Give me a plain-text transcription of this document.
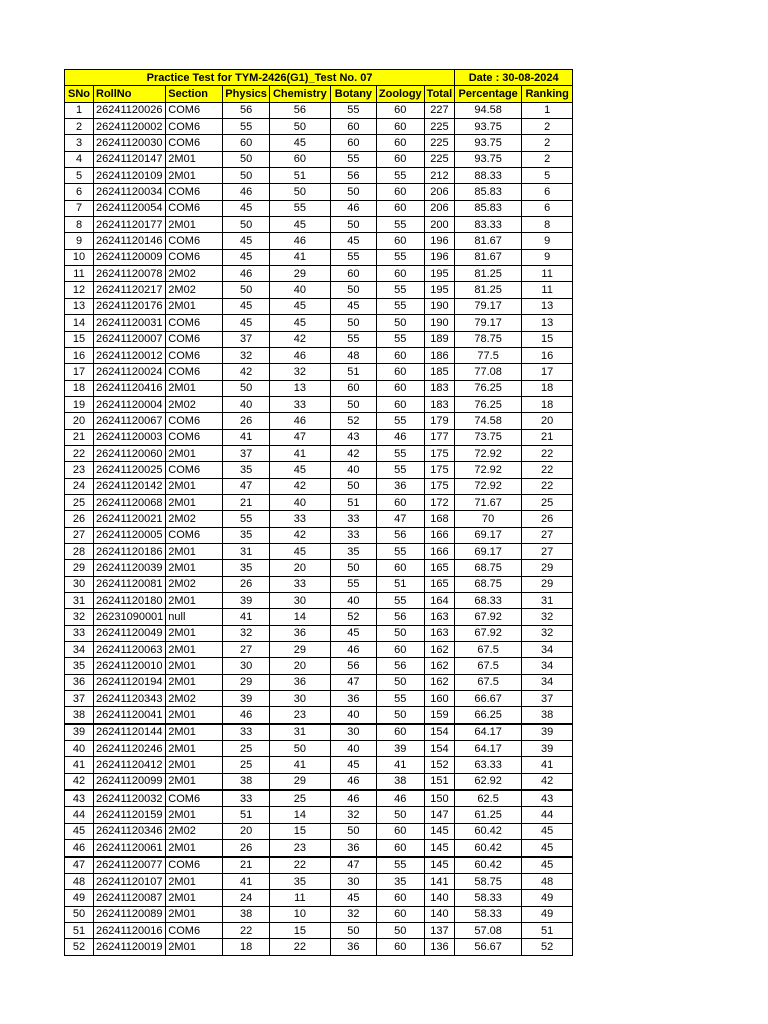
Practice Test for TYM-2426(G1)_Test No. 07								Date : 30-08-2024	
SNo	RollNo	Section	Physics	Chemistry	Botany	Zoology	Total	Percentage	Ranking
1	26241120026	COM6	56	56	55	60	227	94.58	1
2	26241120002	COM6	55	50	60	60	225	93.75	2
3	26241120030	COM6	60	45	60	60	225	93.75	2
4	26241120147	2M01	50	60	55	60	225	93.75	2
5	26241120109	2M01	50	51	56	55	212	88.33	5
6	26241120034	COM6	46	50	50	60	206	85.83	6
7	26241120054	COM6	45	55	46	60	206	85.83	6
8	26241120177	2M01	50	45	50	55	200	83.33	8
9	26241120146	COM6	45	46	45	60	196	81.67	9
10	26241120009	COM6	45	41	55	55	196	81.67	9
11	26241120078	2M02	46	29	60	60	195	81.25	11
12	26241120217	2M02	50	40	50	55	195	81.25	11
13	26241120176	2M01	45	45	45	55	190	79.17	13
14	26241120031	COM6	45	45	50	50	190	79.17	13
15	26241120007	COM6	37	42	55	55	189	78.75	15
16	26241120012	COM6	32	46	48	60	186	77.5	16
17	26241120024	COM6	42	32	51	60	185	77.08	17
18	26241120416	2M01	50	13	60	60	183	76.25	18
19	26241120004	2M02	40	33	50	60	183	76.25	18
20	26241120067	COM6	26	46	52	55	179	74.58	20
21	26241120003	COM6	41	47	43	46	177	73.75	21
22	26241120060	2M01	37	41	42	55	175	72.92	22
23	26241120025	COM6	35	45	40	55	175	72.92	22
24	26241120142	2M01	47	42	50	36	175	72.92	22
25	26241120068	2M01	21	40	51	60	172	71.67	25
26	26241120021	2M02	55	33	33	47	168	70	26
27	26241120005	COM6	35	42	33	56	166	69.17	27
28	26241120186	2M01	31	45	35	55	166	69.17	27
29	26241120039	2M01	35	20	50	60	165	68.75	29
30	26241120081	2M02	26	33	55	51	165	68.75	29
31	26241120180	2M01	39	30	40	55	164	68.33	31
32	26231090001	null	41	14	52	56	163	67.92	32
33	26241120049	2M01	32	36	45	50	163	67.92	32
34	26241120063	2M01	27	29	46	60	162	67.5	34
35	26241120010	2M01	30	20	56	56	162	67.5	34
36	26241120194	2M01	29	36	47	50	162	67.5	34
37	26241120343	2M02	39	30	36	55	160	66.67	37
38	26241120041	2M01	46	23	40	50	159	66.25	38
39	26241120144	2M01	33	31	30	60	154	64.17	39
40	26241120246	2M01	25	50	40	39	154	64.17	39
41	26241120412	2M01	25	41	45	41	152	63.33	41
42	26241120099	2M01	38	29	46	38	151	62.92	42
43	26241120032	COM6	33	25	46	46	150	62.5	43
44	26241120159	2M01	51	14	32	50	147	61.25	44
45	26241120346	2M02	20	15	50	60	145	60.42	45
46	26241120061	2M01	26	23	36	60	145	60.42	45
47	26241120077	COM6	21	22	47	55	145	60.42	45
48	26241120107	2M01	41	35	30	35	141	58.75	48
49	26241120087	2M01	24	11	45	60	140	58.33	49
50	26241120089	2M01	38	10	32	60	140	58.33	49
51	26241120016	COM6	22	15	50	50	137	57.08	51
52	26241120019	2M01	18	22	36	60	136	56.67	52
